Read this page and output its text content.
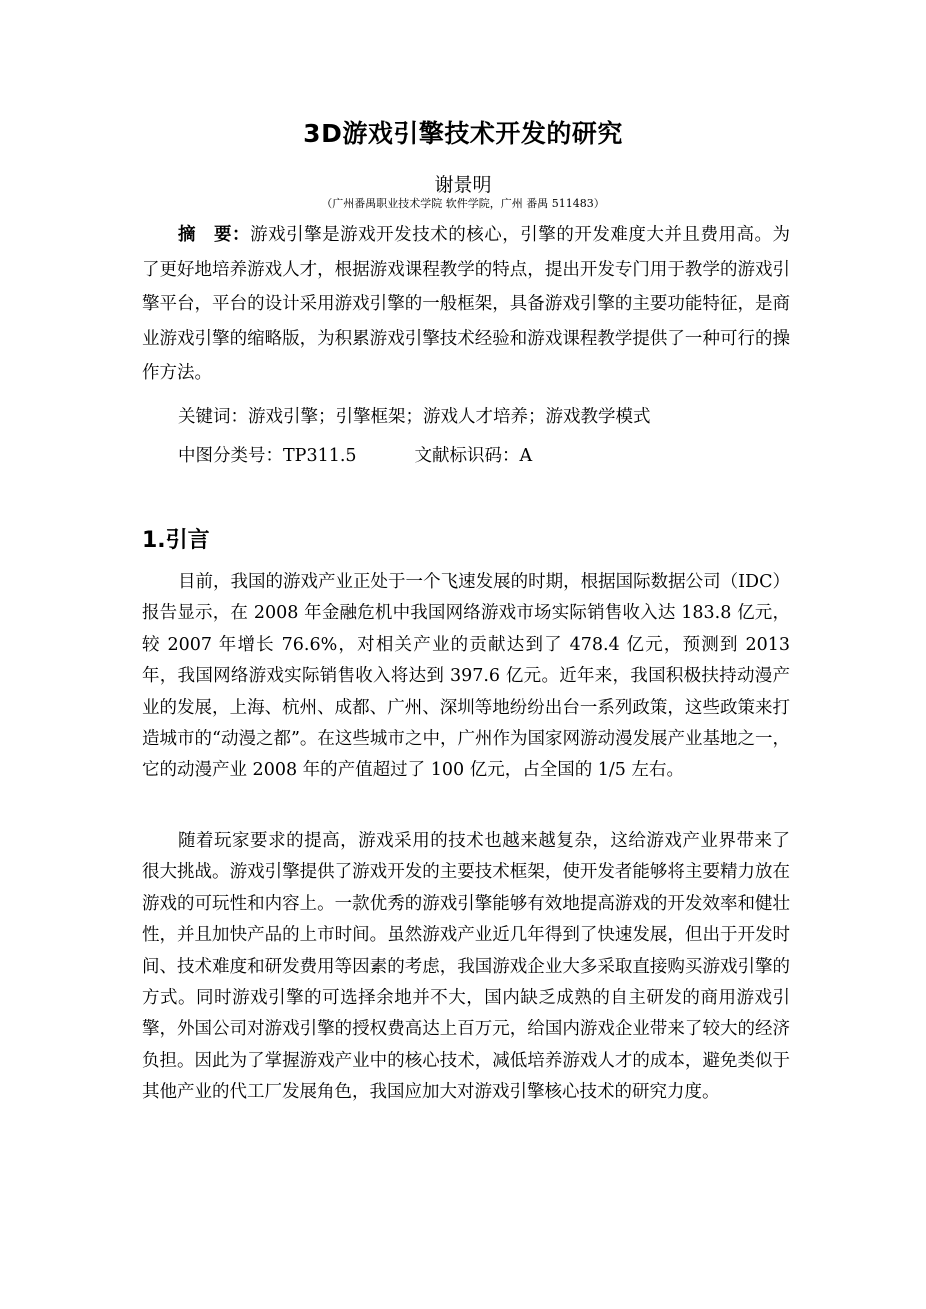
3D游戏引擎技术开发的研究
谢景明
（广州番禺职业技术学院 软件学院，广州 番禺 511483）

摘　要：游戏引擎是游戏开发技术的核心，引擎的开发难度大并且费用高。为了更好地培养游戏人才，根据游戏课程教学的特点，提出开发专门用于教学的游戏引擎平台，平台的设计采用游戏引擎的一般框架，具备游戏引擎的主要功能特征，是商业游戏引擎的缩略版，为积累游戏引擎技术经验和游戏课程教学提供了一种可行的操作方法。

关键词：游戏引擎；引擎框架；游戏人才培养；游戏教学模式
中图分类号：TP311.5	文献标识码：A
1.引言

目前，我国的游戏产业正处于一个飞速发展的时期，根据国际数据公司（IDC）报告显示，在 2008 年金融危机中我国网络游戏市场实际销售收入达 183.8 亿元，较 2007 年增长 76.6%，对相关产业的贡献达到了 478.4 亿元，预测到 2013 年，我国网络游戏实际销售收入将达到 397.6 亿元。近年来，我国积极扶持动漫产业的发展，上海、杭州、成都、广州、深圳等地纷纷出台一系列政策，这些政策来打造城市的“动漫之都”。在这些城市之中，广州作为国家网游动漫发展产业基地之一，它的动漫产业 2008 年的产值超过了 100 亿元，占全国的 1/5 左右。

随着玩家要求的提高，游戏采用的技术也越来越复杂，这给游戏产业界带来了很大挑战。游戏引擎提供了游戏开发的主要技术框架，使开发者能够将主要精力放在游戏的可玩性和内容上。一款优秀的游戏引擎能够有效地提高游戏的开发效率和健壮性，并且加快产品的上市时间。虽然游戏产业近几年得到了快速发展，但出于开发时间、技术难度和研发费用等因素的考虑，我国游戏企业大多采取直接购买游戏引擎的方式。同时游戏引擎的可选择余地并不大，国内缺乏成熟的自主研发的商用游戏引擎，外国公司对游戏引擎的授权费高达上百万元，给国内游戏企业带来了较大的经济负担。因此为了掌握游戏产业中的核心技术，减低培养游戏人才的成本，避免类似于其他产业的代工厂发展角色，我国应加大对游戏引擎核心技术的研究力度。
